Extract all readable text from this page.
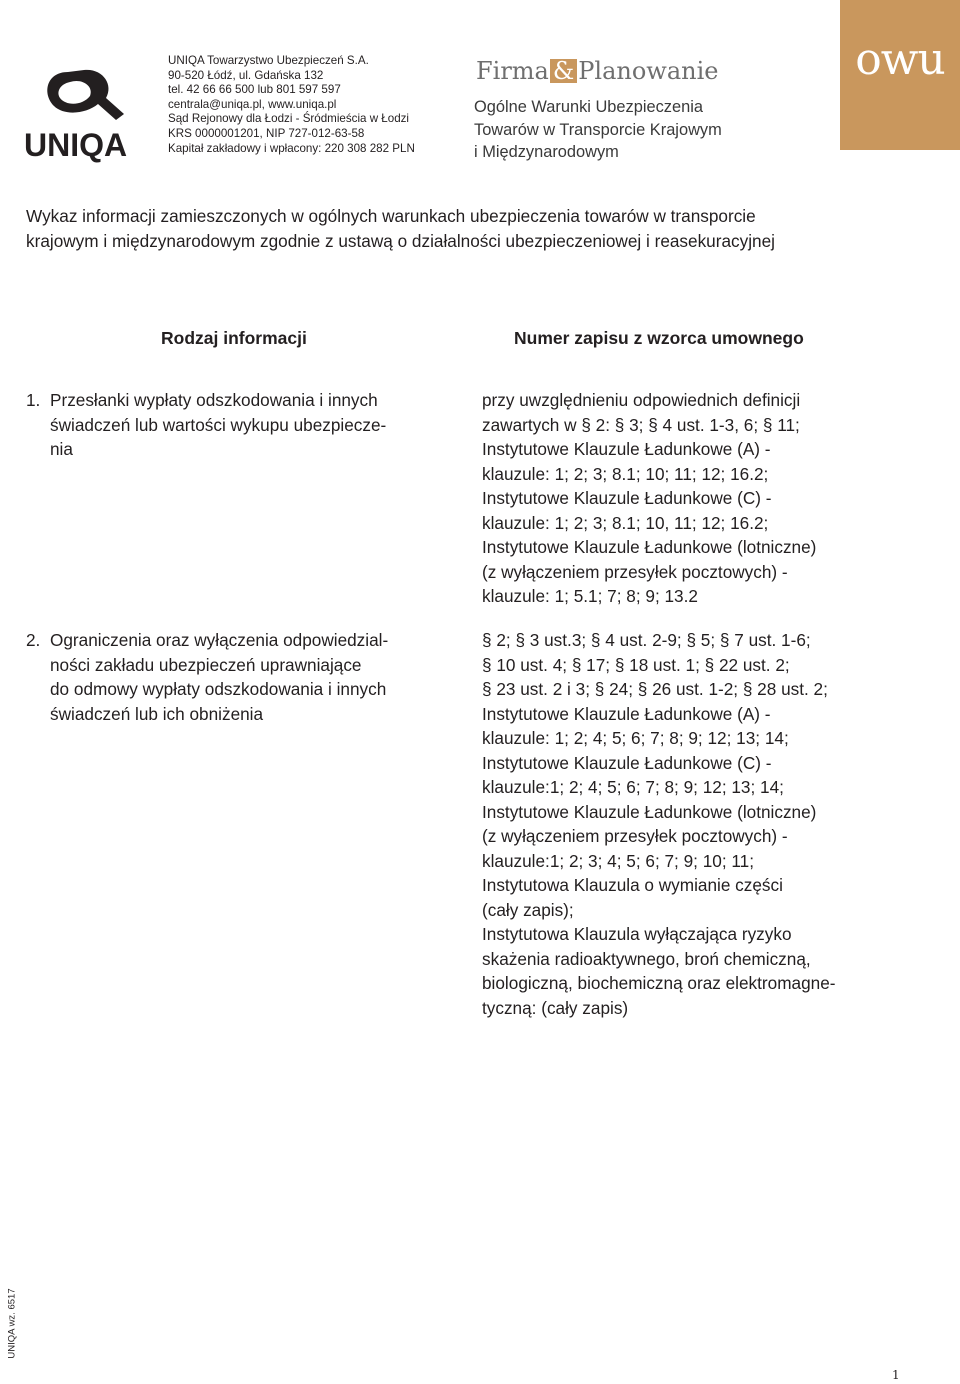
UNIQA
UNIQA Towarzystwo Ubezpieczeń S.A.
90-520 Łódź, ul. Gdańska 132
tel. 42 66 66 500 lub 801 597 597
centrala@uniqa.pl, www.uniqa.pl
Sąd Rejonowy dla Łodzi - Śródmieścia w Łodzi
KRS 0000001201, NIP 727-012-63-58
Kapitał zakładowy i wpłacony: 220 308 282 PLN
Firma & Planowanie
Ogólne Warunki Ubezpieczenia
Towarów w Transporcie Krajowym
i Międzynarodowym
owu
Wykaz informacji zamieszczonych w ogólnych warunkach ubezpieczenia towarów w transporcie
krajowym i międzynarodowym zgodnie z ustawą o działalności ubezpieczeniowej i reasekuracyjnej
Rodzaj informacji	Numer zapisu z wzorca umownego
1. Przesłanki wypłaty odszkodowania i innych
świadczeń lub wartości wykupu ubezpiecze-
nia
przy uwzględnieniu odpowiednich definicji
zawartych w § 2: § 3; § 4 ust. 1-3, 6; § 11;
Instytutowe Klauzule Ładunkowe (A) -
klauzule: 1; 2; 3; 8.1; 10; 11; 12; 16.2;
Instytutowe Klauzule Ładunkowe (C) -
klauzule: 1; 2; 3; 8.1; 10, 11; 12; 16.2;
Instytutowe Klauzule Ładunkowe (lotniczne)
(z wyłączeniem przesyłek pocztowych) -
klauzule: 1; 5.1; 7; 8; 9; 13.2
2. Ograniczenia oraz wyłączenia odpowiedzial-
ności zakładu ubezpieczeń uprawniające
do odmowy wypłaty odszkodowania i innych
świadczeń lub ich obniżenia
§ 2; § 3 ust.3; § 4 ust. 2-9; § 5; § 7 ust. 1-6;
§ 10 ust. 4; § 17; § 18 ust. 1; § 22 ust. 2;
§ 23 ust. 2 i 3; § 24; § 26 ust. 1-2; § 28 ust. 2;
Instytutowe Klauzule Ładunkowe (A) -
klauzule: 1; 2; 4; 5; 6; 7; 8; 9; 12; 13; 14;
Instytutowe Klauzule Ładunkowe (C) -
klauzule:1; 2; 4; 5; 6; 7; 8; 9; 12; 13; 14;
Instytutowe Klauzule Ładunkowe (lotniczne)
(z wyłączeniem przesyłek pocztowych) -
klauzule:1; 2; 3; 4; 5; 6; 7; 9; 10; 11;
Instytutowa Klauzula o wymianie części
(cały zapis);
Instytutowa Klauzula wyłączająca ryzyko
skażenia radioaktywnego, broń chemiczną,
biologiczną, biochemiczną oraz elektromagne-
tyczną: (cały zapis)
UNIQA wz. 6517
1
